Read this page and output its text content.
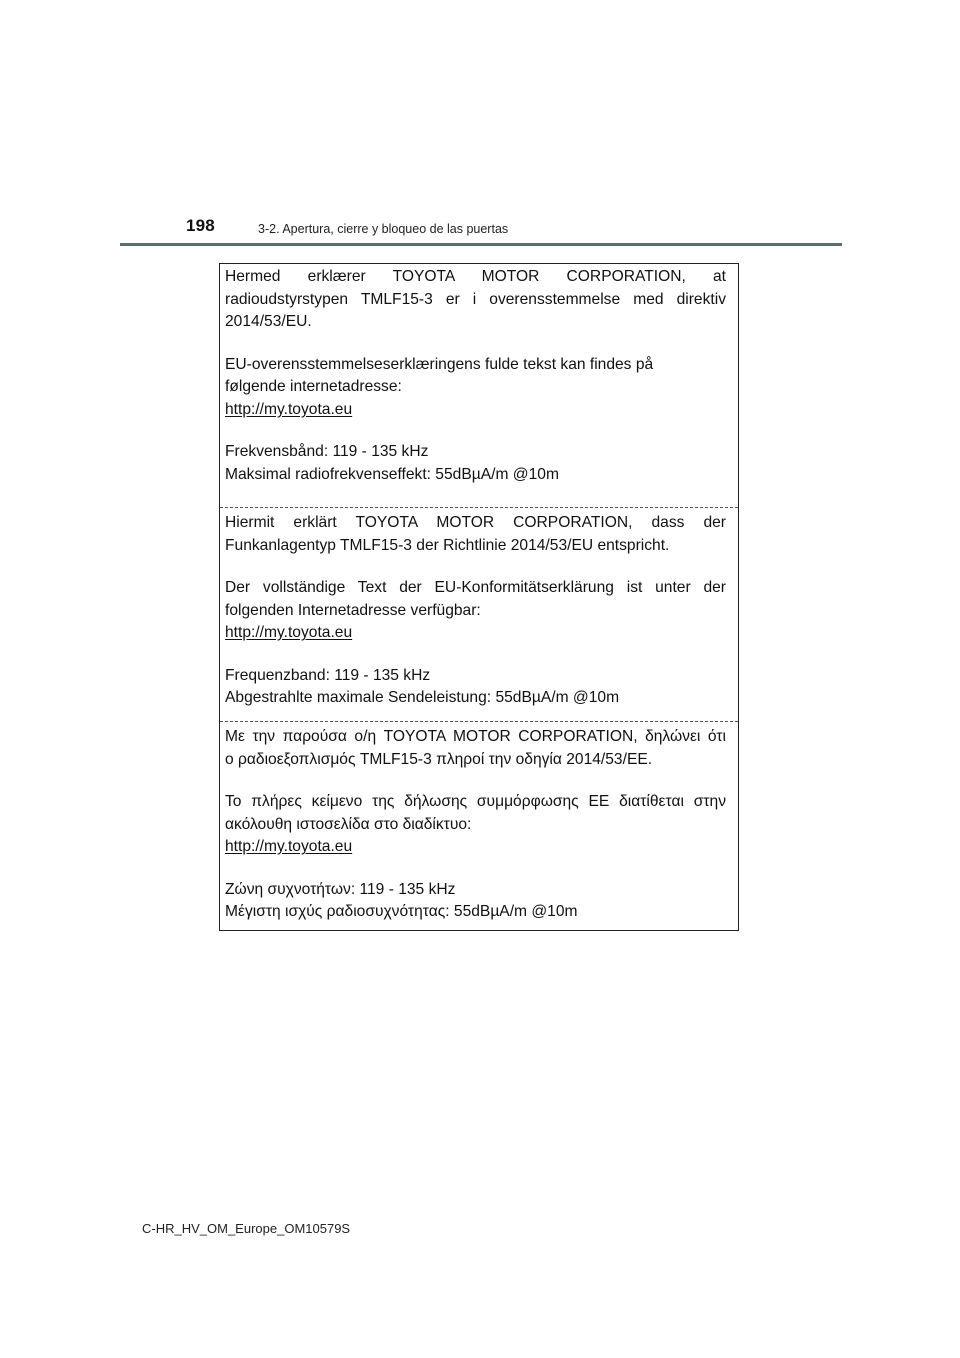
198	3-2. Apertura, cierre y bloqueo de las puertas

Hermed erklærer TOYOTA MOTOR CORPORATION, at

radioudstyrstypen TMLF15-3 er i overensstemmelse med direktiv

2014/53/EU.

EU-overensstemmelseserklæringens fulde tekst kan findes på

følgende internetadresse:

http://my.toyota.eu

Frekvensbånd: 119 - 135 kHz

Maksimal radiofrekvenseffekt: 55dBµA/m @10m

Hiermit erklärt TOYOTA MOTOR CORPORATION, dass der

Funkanlagentyp TMLF15-3 der Richtlinie 2014/53/EU entspricht.

Der vollständige Text der EU-Konformitätserklärung ist unter der

folgenden Internetadresse verfügbar:

http://my.toyota.eu

Frequenzband: 119 - 135 kHz

Abgestrahlte maximale Sendeleistung: 55dBµA/m @10m

Με την παρούσα ο/η TOYOTA MOTOR CORPORATION, δηλώνει ότι

ο ραδιοεξοπλισμός TMLF15-3 πληροί την οδηγία 2014/53/ΕΕ.

Το πλήρες κείμενο της δήλωσης συμμόρφωσης ΕΕ διατίθεται στην

ακόλουθη ιστοσελίδα στο διαδίκτυο:

http://my.toyota.eu

Ζώνη συχνοτήτων: 119 - 135 kHz

Μέγιστη ισχύς ραδιοσυχνότητας: 55dBµA/m @10m

C-HR_HV_OM_Europe_OM10579S
